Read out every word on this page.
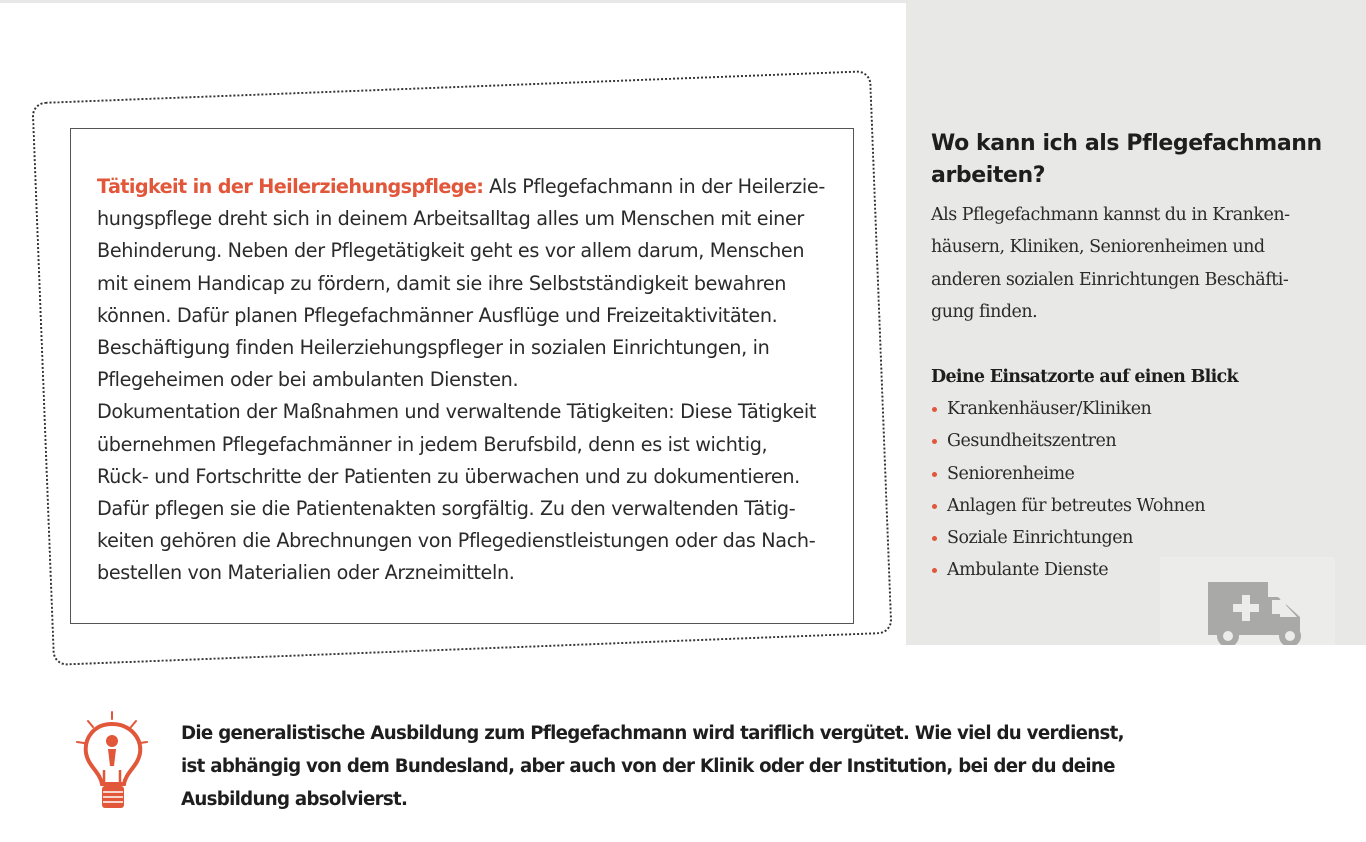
Tätigkeit in der Heilerziehungspflege: Als Pflegefachmann in der Heilerzie-
hungspflege dreht sich in deinem Arbeitsalltag alles um Menschen mit einer
Behinderung. Neben der Pflegetätigkeit geht es vor allem darum, Menschen
mit einem Handicap zu fördern, damit sie ihre Selbstständigkeit bewahren
können. Dafür planen Pflegefachmänner Ausflüge und Freizeitaktivitäten.
Beschäftigung finden Heilerziehungspfleger in sozialen Einrichtungen, in
Pflegeheimen oder bei ambulanten Diensten.
Dokumentation der Maßnahmen und verwaltende Tätigkeiten: Diese Tätigkeit
übernehmen Pflegefachmänner in jedem Berufsbild, denn es ist wichtig,
Rück- und Fortschritte der Patienten zu überwachen und zu dokumentieren.
Dafür pflegen sie die Patientenakten sorgfältig. Zu den verwaltenden Tätig-
keiten gehören die Abrechnungen von Pflegedienstleistungen oder das Nach-
bestellen von Materialien oder Arzneimitteln.
Wo kann ich als Pflegefachmann
arbeiten?
Als Pflegefachmann kannst du in Kranken-
häusern, Kliniken, Seniorenheimen und
anderen sozialen Einrichtungen Beschäfti-
gung finden.
Deine Einsatzorte auf einen Blick
Krankenhäuser/Kliniken
Gesundheitszentren
Seniorenheime
Anlagen für betreutes Wohnen
Soziale Einrichtungen
Ambulante Dienste
Die generalistische Ausbildung zum Pflegefachmann wird tariflich vergütet. Wie viel du verdienst,
ist abhängig von dem Bundesland, aber auch von der Klinik oder der Institution, bei der du deine
Ausbildung absolvierst.
